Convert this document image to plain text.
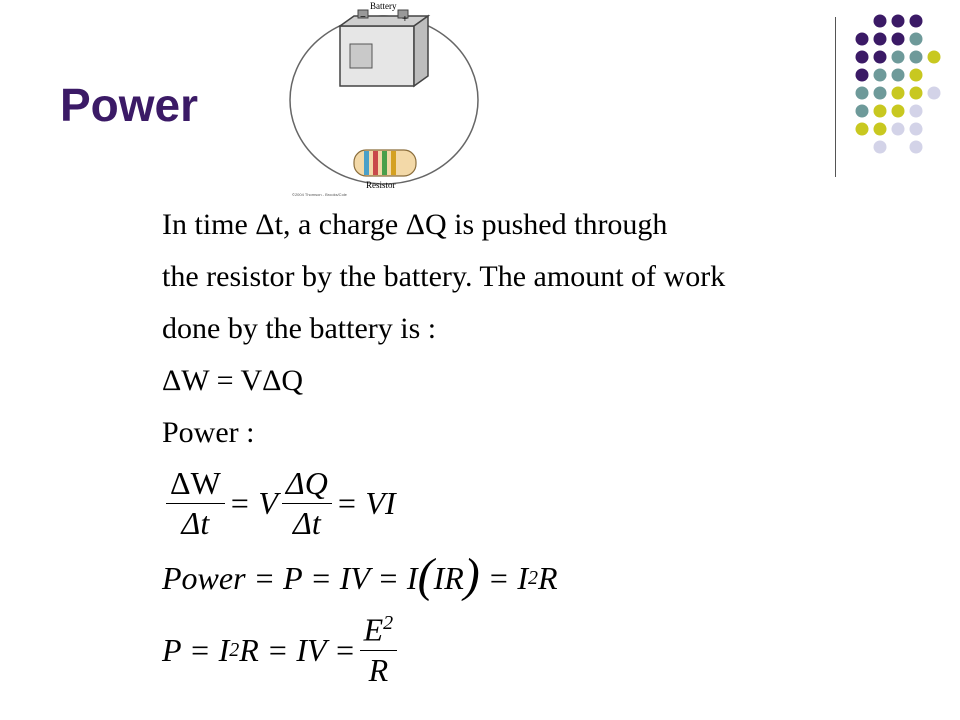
Power
Battery
−	+
Resistor
©2004 Thomson - Brooks/Cole
In time Δt, a charge ΔQ is pushed through
the resistor by the battery. The amount of work
done by the battery is :
ΔW = VΔQ
Power :
$\frac{\Delta W}{\Delta t} = V \frac{\Delta Q}{\Delta t}$ = VI
Power
= P = IV = I ( IR )
= I 2 R
P = I 2 R = IV = $\frac{E^2}{R}$
